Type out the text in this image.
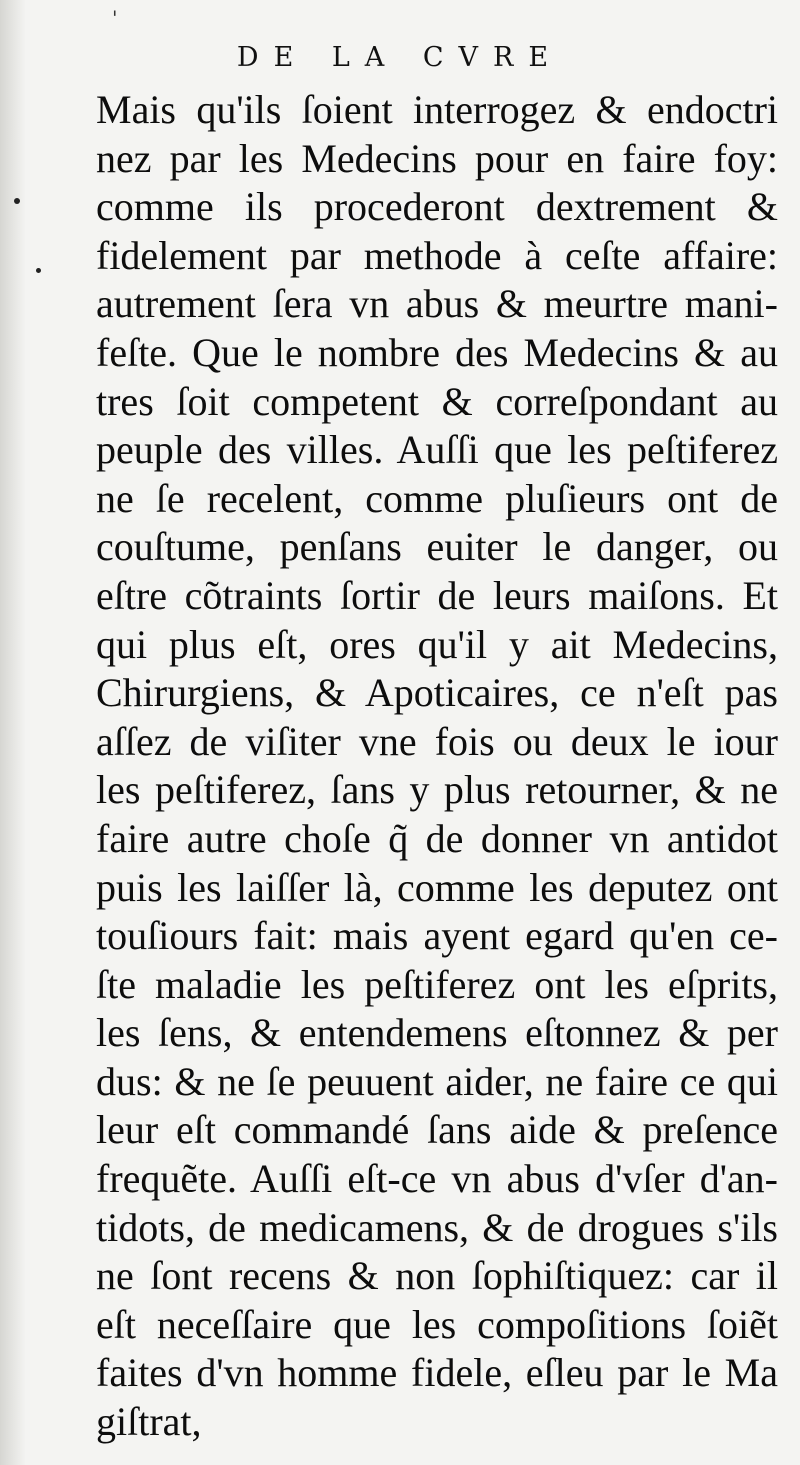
'
DE LA CVRE
Mais qu'ils ſoient interrogez & endoctri
nez par les Medecins pour en faire foy:
comme ils procederont dextrement &
fidelement par methode à ceſte affaire:
autrement ſera vn abus & meurtre mani-
feſte. Que le nombre des Medecins & au
tres ſoit competent & correſpondant au
peuple des villes. Auſſi que les peſtiferez
ne ſe recelent, comme pluſieurs ont de
couſtume, penſans euiter le danger, ou
eſtre cõtraints ſortir de leurs maiſons. Et
qui plus eſt, ores qu'il y ait Medecins,
Chirurgiens, & Apoticaires, ce n'eſt pas
aſſez de viſiter vne fois ou deux le iour
les peſtiferez, ſans y plus retourner, & ne
faire autre choſe q̃ de donner vn antidot
puis les laiſſer là, comme les deputez ont
touſiours fait: mais ayent egard qu'en ce-
ſte maladie les peſtiferez ont les eſprits,
les ſens, & entendemens eſtonnez & per
dus: & ne ſe peuuent aider, ne faire ce qui
leur eſt commandé ſans aide & preſence
frequẽte. Auſſi eſt-ce vn abus d'vſer d'an-
tidots, de medicamens, & de drogues s'ils
ne ſont recens & non ſophiſtiquez: car il
eſt neceſſaire que les compoſitions ſoiẽt
faites d'vn homme fidele, eſleu par le Ma
giſtrat,
